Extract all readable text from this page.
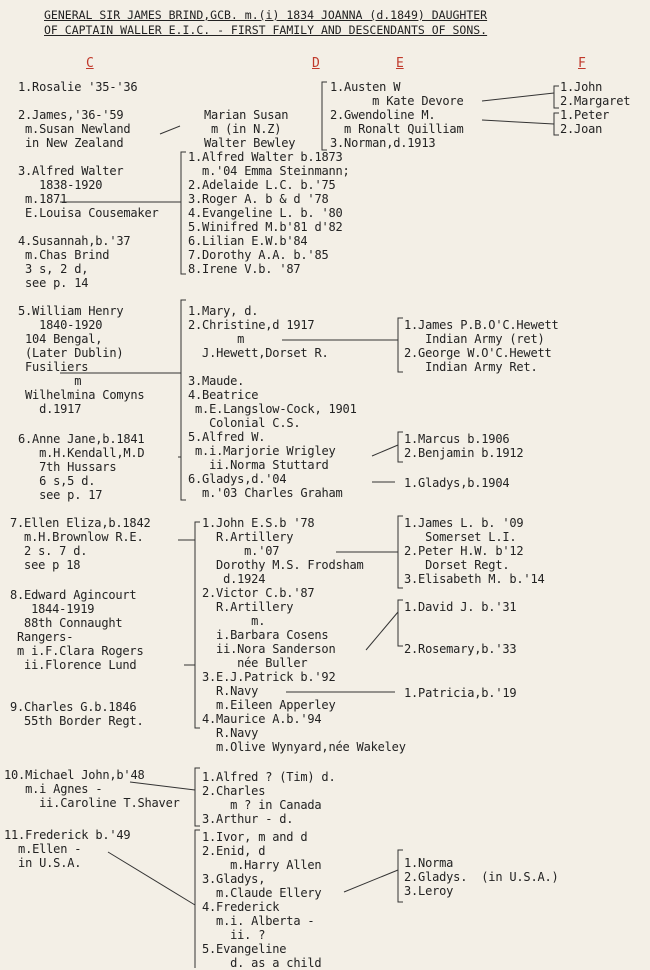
GENERAL SIR JAMES BRIND,GCB. m.(i) 1834 JOANNA (d.1849) DAUGHTER
OF CAPTAIN WALLER E.I.C. - FIRST FAMILY AND DESCENDANTS OF SONS.
C	D	E	F
1.Rosalie '35-'36
2.James,'36-'59
m.Susan Newland
in New Zealand
3.Alfred Walter
1838-1920
m.1871
E.Louisa Cousemaker
4.Susannah,b.'37
m.Chas Brind
3 s, 2 d,
see p. 14
5.William Henry
1840-1920
104 Bengal,
(Later Dublin)
Fusiliers
m
Wilhelmina Comyns
d.1917
6.Anne Jane,b.1841
m.H.Kendall,M.D
7th Hussars
6 s,5 d.
see p. 17
7.Ellen Eliza,b.1842
m.H.Brownlow R.E.
2 s. 7 d.
see p 18
8.Edward Agincourt
1844-1919
88th Connaught
Rangers-
m i.F.Clara Rogers
ii.Florence Lund
9.Charles G.b.1846
55th Border Regt.
10.Michael John,b'48
m.i Agnes -
ii.Caroline T.Shaver
11.Frederick b.'49
m.Ellen -
in U.S.A.
Marian Susan
m (in N.Z)
Walter Bewley
1.Alfred Walter b.1873
m.'04 Emma Steinmann;
2.Adelaide L.C. b.'75
3.Roger A. b & d '78
4.Evangeline L. b. '80
5.Winifred M.b'81 d'82
6.Lilian E.W.b'84
7.Dorothy A.A. b.'85
8.Irene V.b. '87
1.Mary, d.
2.Christine,d 1917
m
J.Hewett,Dorset R.
3.Maude.
4.Beatrice
m.E.Langslow-Cock, 1901
Colonial C.S.
5.Alfred W.
m.i.Marjorie Wrigley
ii.Norma Stuttard
6.Gladys,d.'04
m.'03 Charles Graham
1.John E.S.b '78
R.Artillery
m.'07
Dorothy M.S. Frodsham
d.1924
2.Victor C.b.'87
R.Artillery
m.
i.Barbara Cosens
ii.Nora Sanderson
née Buller
3.E.J.Patrick b.'92
R.Navy
m.Eileen Apperley
4.Maurice A.b.'94
R.Navy
m.Olive Wynyard,née Wakeley
1.Alfred ? (Tim) d.
2.Charles
m ? in Canada
3.Arthur - d.
1.Ivor, m and d
2.Enid, d
m.Harry Allen
3.Gladys,
m.Claude Ellery
4.Frederick
m.i. Alberta -
ii. ?
5.Evangeline
d. as a child
1.Austen W
m Kate Devore
2.Gwendoline M.
m Ronalt Quilliam
3.Norman,d.1913
1.James P.B.O'C.Hewett
Indian Army (ret)
2.George W.O'C.Hewett
Indian Army Ret.
1.Marcus b.1906
2.Benjamin b.1912
1.Gladys,b.1904
1.James L. b. '09
Somerset L.I.
2.Peter H.W. b'12
Dorset Regt.
3.Elisabeth M. b.'14
1.David J. b.'31
2.Rosemary,b.'33
1.Patricia,b.'19
1.Norma
2.Gladys.  (in U.S.A.)
3.Leroy
1.John
2.Margaret
1.Peter
2.Joan
